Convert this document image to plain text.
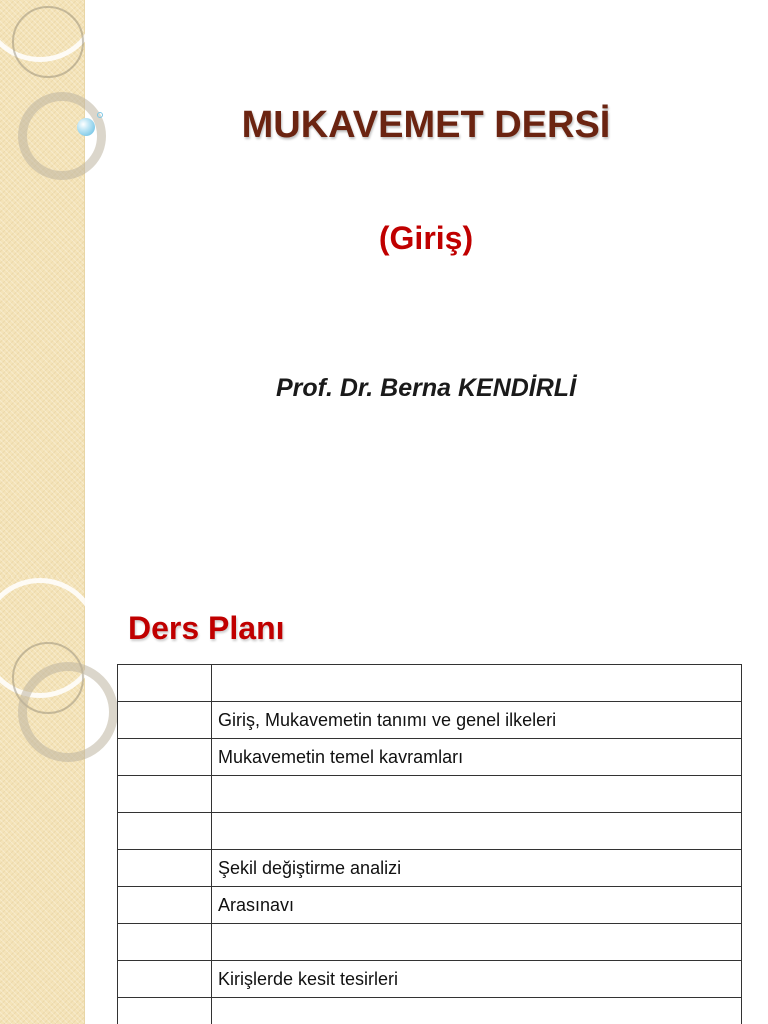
MUKAVEMET DERSİ
(Giriş)

Prof. Dr. Berna KENDİRLİ

Ders Planı

	Giriş, Mukavemetin tanımı ve genel ilkeleri
	Mukavemetin temel kavramları

	Şekil değiştirme analizi
	Arasınavı

	Kirişlerde kesit tesirleri
